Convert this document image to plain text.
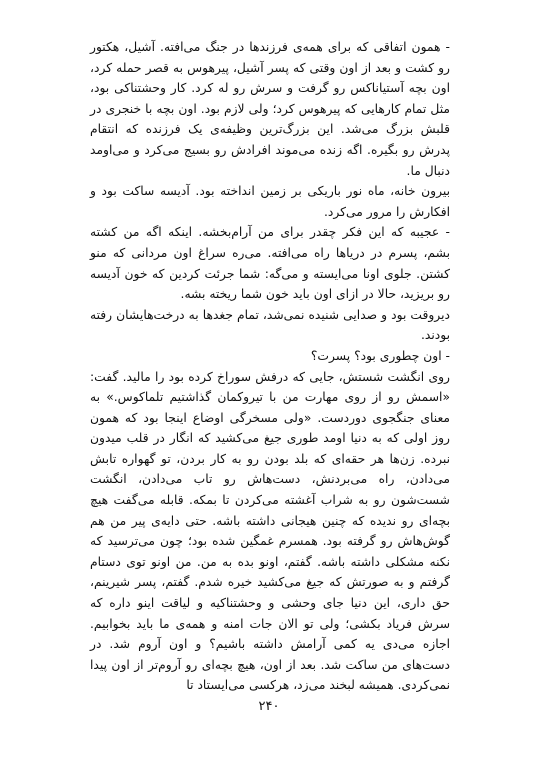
- همون اتفاقی که برای همه‌ی فرزندها در جنگ می‌افته. آشیل، هکتور رو کشت و بعد از اون وقتی که پسر آشیل، پیرهوس به قصر حمله کرد، اون بچه آستیاناکس رو گرفت و سرش رو له کرد. کار وحشتناکی بود، مثل تمام کارهایی که پیرهوس کرد؛ ولی لازم بود. اون بچه با خنجری در قلبش بزرگ می‌شد. این بزرگ‌ترین وظیفه‌ی یک فرزنده که انتقام پدرش رو بگیره. اگه زنده می‌موند افرادش رو بسیج می‌کرد و می‌اومد دنبال ما.

بیرون خانه، ماه نور باریکی بر زمین انداخته بود. آدیسه ساکت بود و افکارش را مرور می‌کرد.

- عجیبه که این فکر چقدر برای من آرام‌بخشه. اینکه اگه من کشته بشم، پسرم در دریاها راه می‌افته. می‌ره سراغ اون مردانی که منو کشتن. جلوی اونا می‌ایسته و می‌گه: شما جرئت کردین که خون آدیسه رو بریزید، حالا در ازای اون باید خون شما ریخته بشه.

دیروقت بود و صدایی شنیده نمی‌شد، تمام جغدها به درخت‌هایشان رفته بودند.

- اون چطوری بود؟ پسرت؟

روی انگشت شستش، جایی که درفش سوراخ کرده بود را مالید. گفت: «اسمش رو از روی مهارت من با تیروکمان گذاشتیم تلماکوس.» به معنای جنگجوی دوردست. «ولی مسخرگی اوضاع اینجا بود که همون روز اولی که به دنیا اومد طوری جیغ می‌کشید که انگار در قلب میدون نبرده. زن‌ها هر حقه‌ای که بلد بودن رو به کار بردن، تو گهواره تابش می‌دادن، راه می‌بردنش، دست‌هاش رو تاب می‌دادن، انگشت شست‌شون رو به شراب آغشته می‌کردن تا بمکه. قابله می‌گفت هیچ بچه‌ای رو ندیده که چنین هیجانی داشته باشه. حتی دایه‌ی پیر من هم گوش‌هاش رو گرفته بود. همسرم غمگین شده بود؛ چون می‌ترسید که نکنه مشکلی داشته باشه. گفتم، اونو بده به من. من اونو توی دستام گرفتم و به صورتش که جیغ می‌کشید خیره شدم. گفتم، پسر شیرینم، حق داری، این دنیا جای وحشی و وحشتناکیه و لیاقت اینو داره که سرش فریاد بکشی؛ ولی تو الان جات امنه و همه‌ی ما باید بخوابیم. اجازه می‌دی یه کمی آرامش داشته باشیم؟ و اون آروم شد. در دست‌های من ساکت شد. بعد از اون، هیچ بچه‌ای رو آروم‌تر از اون پیدا نمی‌کردی. همیشه لبخند می‌زد، هرکسی می‌ایستاد تا

۲۴۰
